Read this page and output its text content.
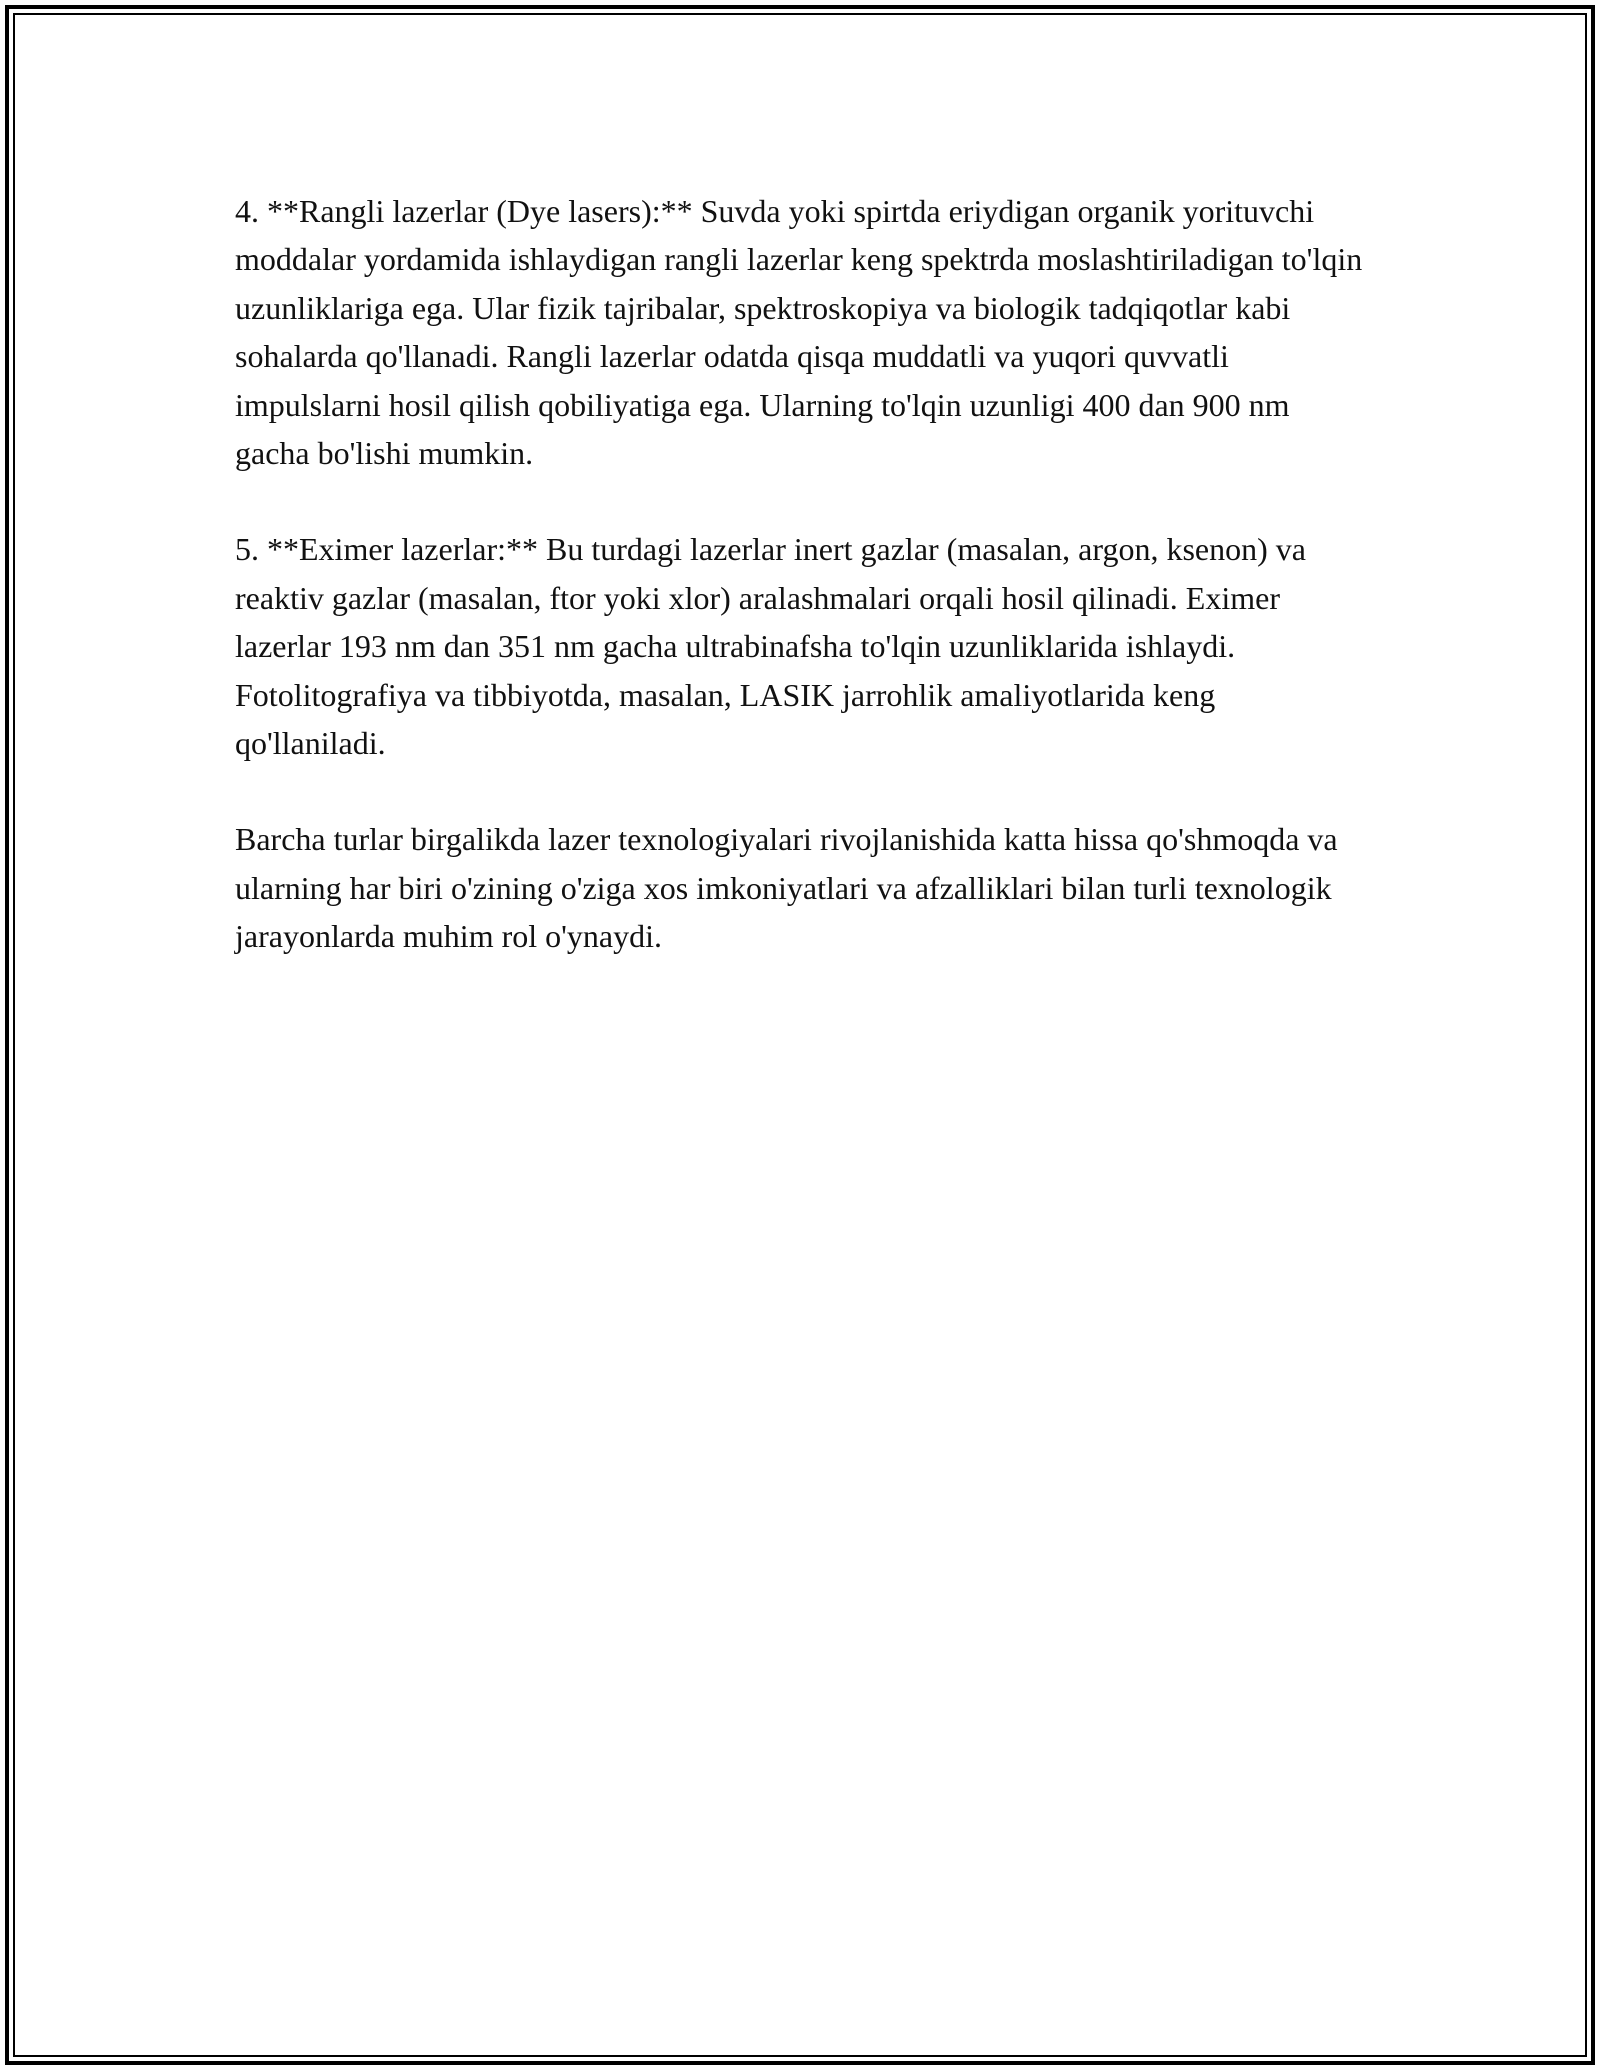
4. **Rangli lazerlar (Dye lasers):** Suvda yoki spirtda eriydigan organik yorituvchi moddalar yordamida ishlaydigan rangli lazerlar keng spektrda moslashtiriladigan to'lqin uzunliklariga ega. Ular fizik tajribalar, spektroskopiya va biologik tadqiqotlar kabi sohalarda qo'llanadi. Rangli lazerlar odatda qisqa muddatli va yuqori quvvatli impulslarni hosil qilish qobiliyatiga ega. Ularning to'lqin uzunligi 400 dan 900 nm gacha bo'lishi mumkin.

5. **Eximer lazerlar:** Bu turdagi lazerlar inert gazlar (masalan, argon, ksenon) va reaktiv gazlar (masalan, ftor yoki xlor) aralashmalari orqali hosil qilinadi. Eximer lazerlar 193 nm dan 351 nm gacha ultrabinafsha to'lqin uzunliklarida ishlaydi. Fotolitografiya va tibbiyotda, masalan, LASIK jarrohlik amaliyotlarida keng qo'llaniladi.

Barcha turlar birgalikda lazer texnologiyalari rivojlanishida katta hissa qo'shmoqda va ularning har biri o'zining o'ziga xos imkoniyatlari va afzalliklari bilan turli texnologik jarayonlarda muhim rol o'ynaydi.
